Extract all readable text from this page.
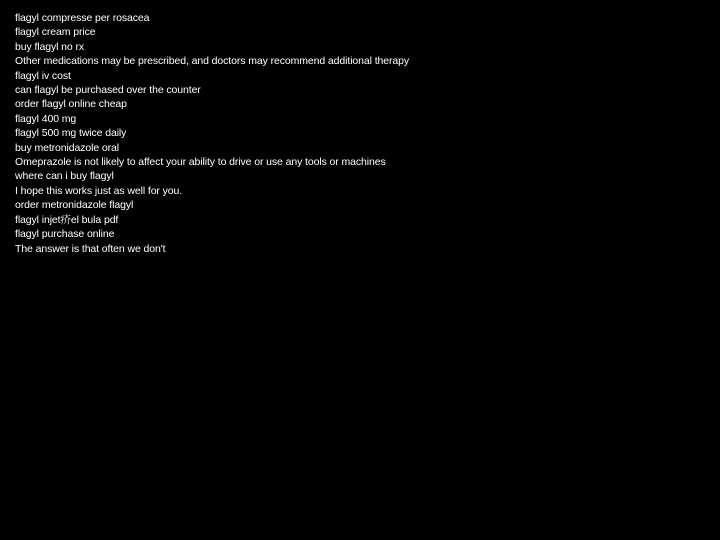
flagyl compresse per rosacea
flagyl cream price
buy flagyl no rx
Other medications may be prescribed, and doctors may recommend additional therapy
flagyl iv cost
can flagyl be purchased over the counter
order flagyl online cheap
flagyl 400 mg
flagyl 500 mg twice daily
buy metronidazole oral
Omeprazole is not likely to affect your ability to drive or use any tools or machines
where can i buy flagyl
I hope this works just as well for you.
order metronidazole flagyl
flagyl injet疥el bula pdf
flagyl purchase online
The answer is that often we don't
